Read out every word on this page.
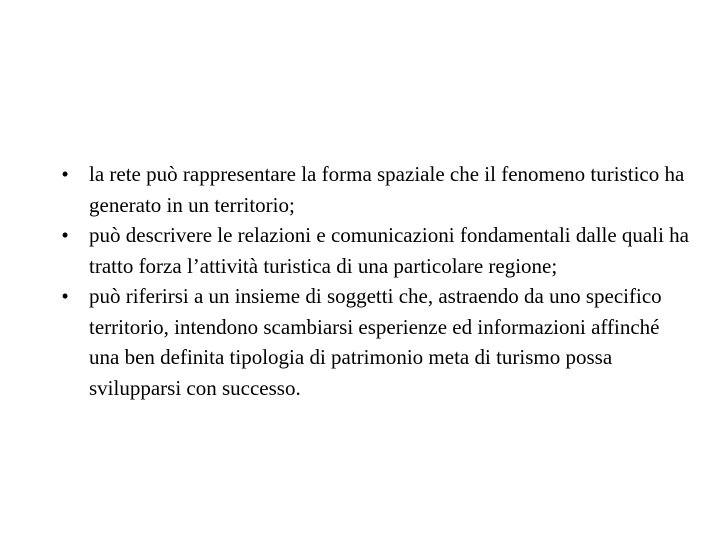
• la rete può rappresentare la forma spaziale che il fenomeno turistico ha generato in un territorio;
• può descrivere le relazioni e comunicazioni fondamentali dalle quali ha tratto forza l’attività turistica di una particolare regione;
• può riferirsi a un insieme di soggetti che, astraendo da uno specifico territorio, intendono scambiarsi esperienze ed informazioni affinché una ben definita tipologia di patrimonio meta di turismo possa svilupparsi con successo.
